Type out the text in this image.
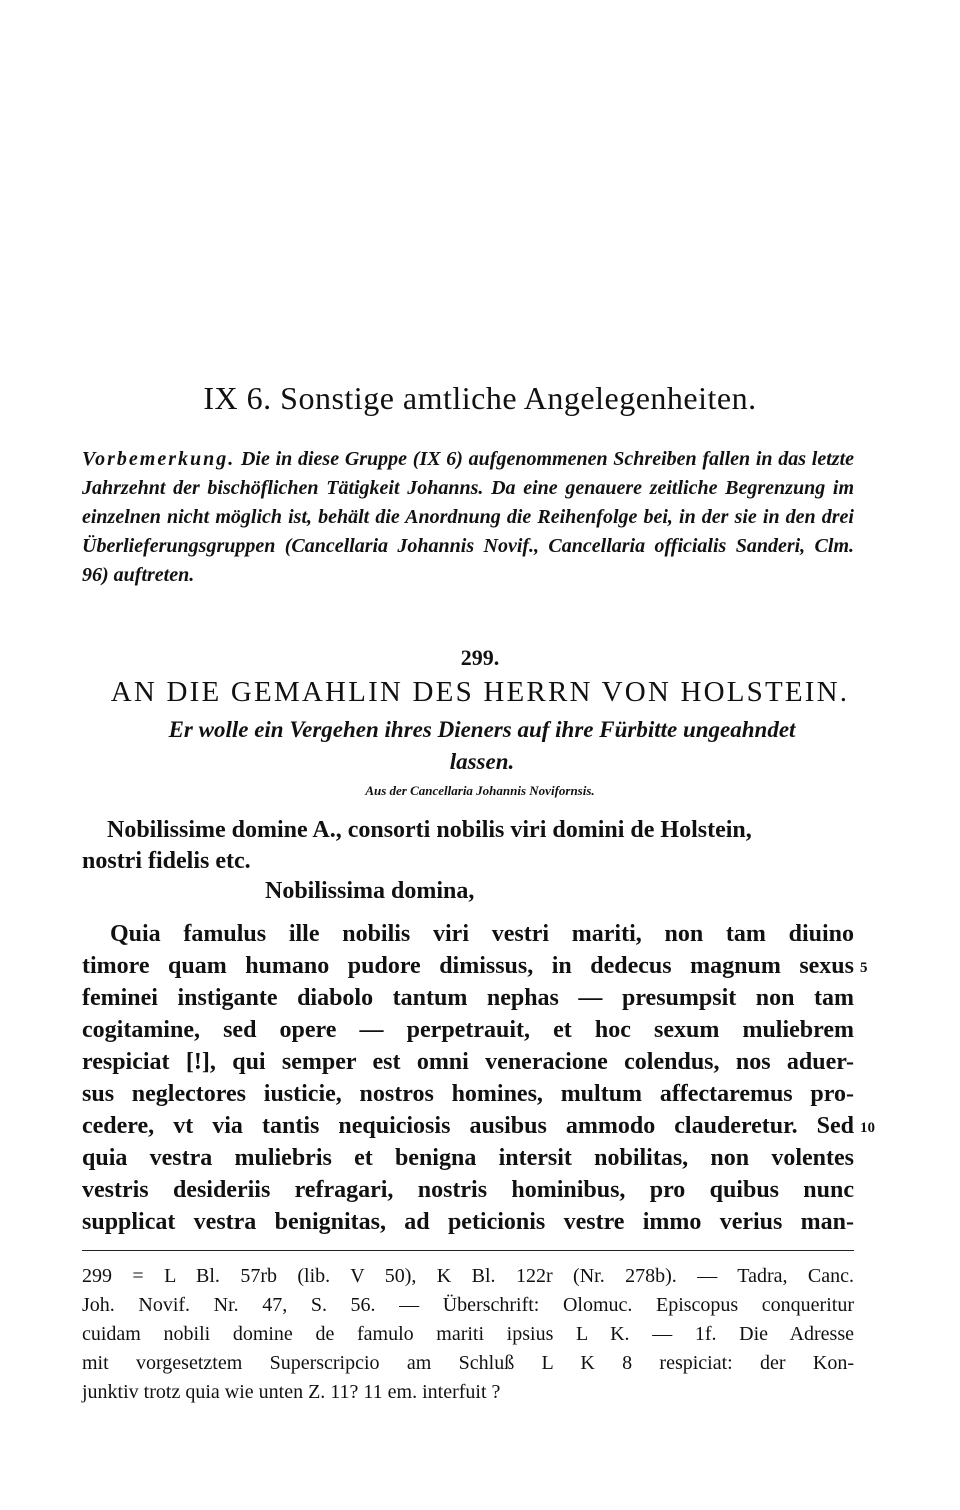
IX 6. Sonstige amtliche Angelegenheiten.
Vorbemerkung. Die in diese Gruppe (IX 6) aufgenommenen Schreiben fallen in das letzte Jahrzehnt der bischöflichen Tätigkeit Johanns. Da eine genauere zeitliche Begrenzung im einzelnen nicht möglich ist, behält die Anordnung die Reihenfolge bei, in der sie in den drei Überlieferungsgruppen (Cancellaria Johannis Novif., Cancellaria officialis Sanderi, Clm. 96) auftreten.
299.
AN DIE GEMAHLIN DES HERRN VON HOLSTEIN.
Er wolle ein Vergehen ihres Dieners auf ihre Fürbitte ungeahndet
lassen.
Aus der Cancellaria Johannis Novifornsis.
Nobilissime domine A., consorti nobilis viri domini de Holstein,
nostri fidelis etc.
Nobilissima domina,
Quia famulus ille nobilis viri vestri mariti, non tam diuino
timore quam humano pudore dimissus, in dedecus magnum sexus
feminei instigante diabolo tantum nephas — presumpsit non tam
cogitamine, sed opere — perpetrauit, et hoc sexum muliebrem
respiciat [!], qui semper est omni veneracione colendus, nos aduer-
sus neglectores iusticie, nostros homines, multum affectaremus pro-
cedere, vt via tantis nequiciosis ausibus ammodo clauderetur. Sed
quia vestra muliebris et benigna intersit nobilitas, non volentes
vestris desideriis refragari, nostris hominibus, pro quibus nunc
supplicat vestra benignitas, ad peticionis vestre immo verius man-
5
10
299 = L Bl. 57rb (lib. V 50), K Bl. 122r (Nr. 278b). — Tadra, Canc.
Joh. Novif. Nr. 47, S. 56. — Überschrift: Olomuc. Episcopus conqueritur
cuidam nobili domine de famulo mariti ipsius L K. — 1f. Die Adresse
mit vorgesetztem Superscripcio am Schluß L K 8 respiciat: der Kon-
junktiv trotz quia wie unten Z. 11? 11 em. interfuit ?
